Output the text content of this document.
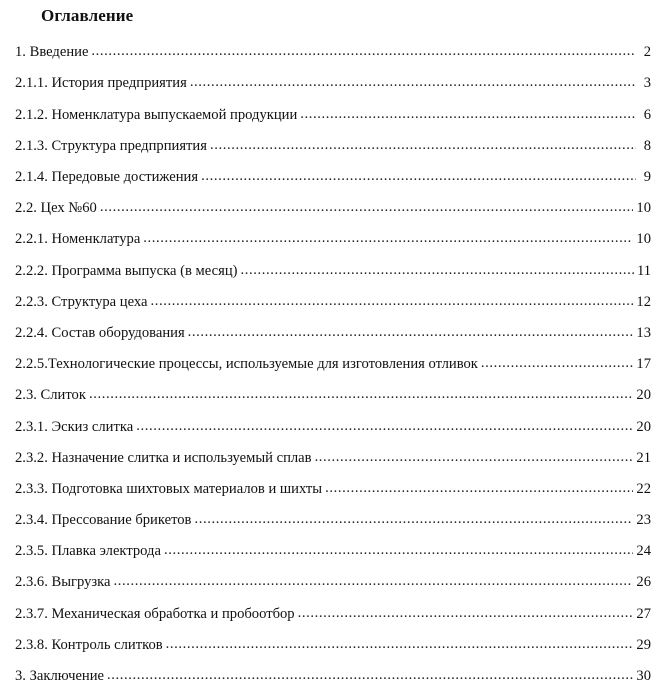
Оглавление
1. Введение .....	2
2.1.1. История предприятия .....	3
2.1.2. Номенклатура выпускаемой продукции .....	6
2.1.3. Структура предпрпиятия .....	8
2.1.4. Передовые достижения .....	9
2.2. Цех №60 .....	10
2.2.1. Номенклатура .....	10
2.2.2. Программа выпуска (в месяц) .....	11
2.2.3. Структура цеха .....	12
2.2.4. Состав оборудования .....	13
2.2.5.Технологические процессы, используемые для изготовления отливок .....	17
2.3. Слиток .....	20
2.3.1. Эскиз слитка .....	20
2.3.2. Назначение слитка и используемый сплав .....	21
2.3.3. Подготовка шихтовых материалов и шихты .....	22
2.3.4. Прессование брикетов .....	23
2.3.5. Плавка электрода .....	24
2.3.6. Выгрузка .....	26
2.3.7. Механическая обработка и пробоотбор .....	27
2.3.8. Контроль слитков .....	29
3. Заключение .....	30
